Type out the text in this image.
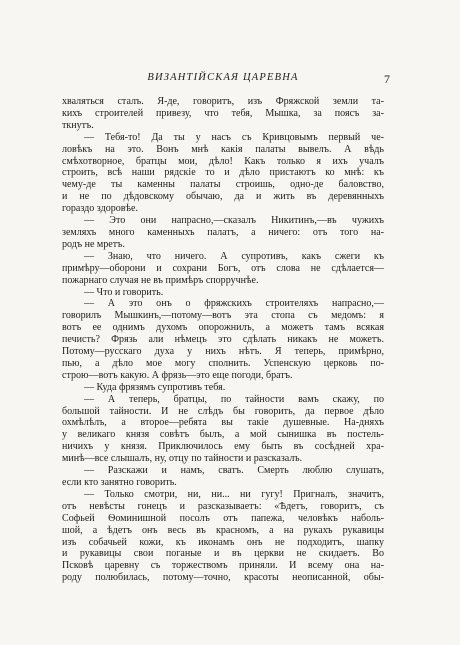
ВИЗАНТІЙСКАЯ ЦАРЕВНА	7
хваляться сталъ. Я-де, говоритъ, изъ Фряжской земли та-
кихъ строителей привезу, что тебя, Мышка, за поясъ за-
ткнутъ.
— Тебя-то! Да ты у насъ съ Кривцовымъ первый че-
ловѣкъ на это. Вонъ мнѣ какія палаты вывелъ. А вѣдь
смѣхотворное, братцы мои, дѣло! Какъ только я ихъ учалъ
строить, всѣ наши рядскіе то и дѣло пристаютъ ко мнѣ: къ
чему-де ты каменны палаты строишь, одно-де баловство,
и не по дѣдовскому обычаю, да и жить въ деревянныхъ
гораздо здоровѣе.
— Это они напрасно,—сказалъ Никитинъ,—въ чужихъ
земляхъ много каменныхъ палатъ, а ничего: отъ того на-
родъ не мретъ.
— Знаю, что ничего. А супротивъ, какъ сжеги къ
примѣру—оборони и сохрани Богъ, отъ слова не сдѣлается—
пожарнаго случая не въ примѣръ спорручнѣе.
— Что и говорить.
— А это онъ о фряжскихъ строителяхъ напрасно,—
говорилъ Мышкинъ,—потому—вотъ эта стопа съ медомъ: я
вотъ ее однимъ духомъ опорожнилъ, а можетъ тамъ всякая
печисть? Фрязь али нѣмецъ это сдѣлать никакъ не можетъ.
Потому—русскаго духа у нихъ нѣтъ. Я теперь, примѣрно,
пью, а дѣло мое могу сполнить. Успенскую церковь по-
строю—вотъ какую. А фрязь—это еще погоди, братъ.
— Куда фрязямъ супротивъ тебя.
— А теперь, братцы, по тайности вамъ скажу, по
большой тайности. И не слѣдъ бы говорить, да первое дѣло
охмѣлѣлъ, а второе—ребята вы такіе душевные. На-дняхъ
у великаго князя совѣтъ былъ, а мой сынишка въ постель-
ничихъ у князя. Приключилось ему быть въ сосѣдней хра-
минѣ—все слышалъ, ну, отцу по тайности и разсказалъ.
— Разскажи и намъ, сватъ. Смерть люблю слушать,
если кто занятно говорить.
— Только смотри, ни, ни... ни гугу! Пригналъ, значитъ,
отъ невѣсты гонецъ и разсказываетъ: «Ѣдетъ, говоритъ, съ
Софьей Ѳоминишной посолъ отъ папежа, человѣкъ наболь-
шой, а ѣдетъ онъ весь въ красномъ, а на рукахъ рукавицы
изъ собачьей кожи, къ иконамъ онъ не подходитъ, шапку
и рукавицы свои поганые и въ церкви не скидаетъ. Во
Псковѣ царевну съ торжествомъ приняли. И всему она на-
роду полюбилась, потому—точно, красоты неописанной, обы-
